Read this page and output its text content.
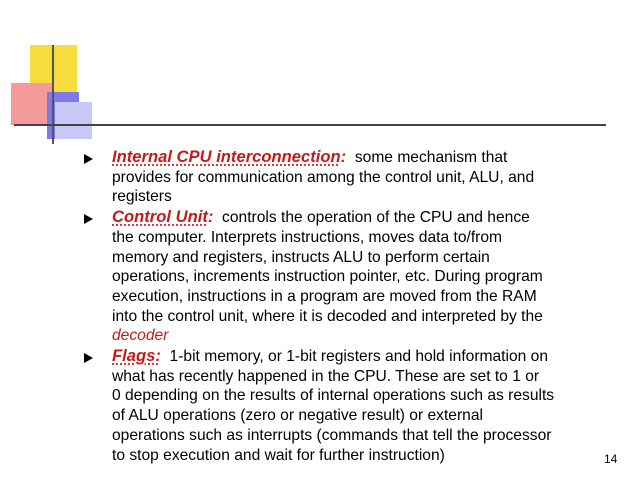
Internal CPU interconnection:  some mechanism that
provides for communication among the control unit, ALU, and
registers
Control Unit:  controls the operation of the CPU and hence
the computer. Interprets instructions, moves data to/from
memory and registers, instructs ALU to perform certain
operations, increments instruction pointer, etc. During program
execution, instructions in a program are moved from the RAM
into the control unit, where it is decoded and interpreted by the
decoder
Flags:  1-bit memory, or 1-bit registers and hold information on
what has recently happened in the CPU. These are set to 1 or
0 depending on the results of internal operations such as results
of ALU operations (zero or negative result) or external
operations such as interrupts (commands that tell the processor
to stop execution and wait for further instruction)	14
